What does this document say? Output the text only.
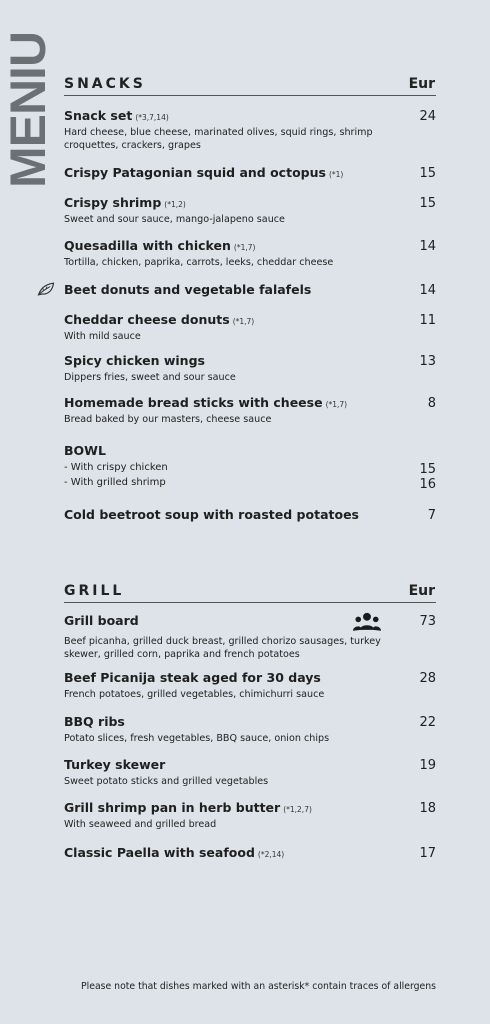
MENIU SNACKS	Eur
Snack set (*3,7,14)	24
Hard cheese, blue cheese, marinated olives, squid rings, shrimp croquettes, crackers, grapes
Crispy Patagonian squid and octopus (*1)	15
Crispy shrimp (*1,2)	15
Sweet and sour sauce, mango-jalapeno sauce
Quesadilla with chicken (*1,7)	14
Tortilla, chicken, paprika, carrots, leeks, cheddar cheese
Beet donuts and vegetable falafels	14
Cheddar cheese donuts (*1,7)	11
With mild sauce
Spicy chicken wings	13
Dippers fries, sweet and sour sauce
Homemade bread sticks with cheese (*1,7)	8
Bread baked by our masters, cheese sauce
BOWL
- With crispy chicken	15
- With grilled shrimp	16
Cold beetroot soup with roasted potatoes	7
GRILL	Eur
Grill board	73
Beef picanha, grilled duck breast, grilled chorizo sausages, turkey skewer, grilled corn, paprika and french potatoes
Beef Picanija steak aged for 30 days	28
French potatoes, grilled vegetables, chimichurri sauce
BBQ ribs	22
Potato slices, fresh vegetables, BBQ sauce, onion chips
Turkey skewer	19
Sweet potato sticks and grilled vegetables
Grill shrimp pan in herb butter (*1,2,7)	18
With seaweed and grilled bread
Classic Paella with seafood (*2,14)	17
Please note that dishes marked with an asterisk* contain traces of allergens
